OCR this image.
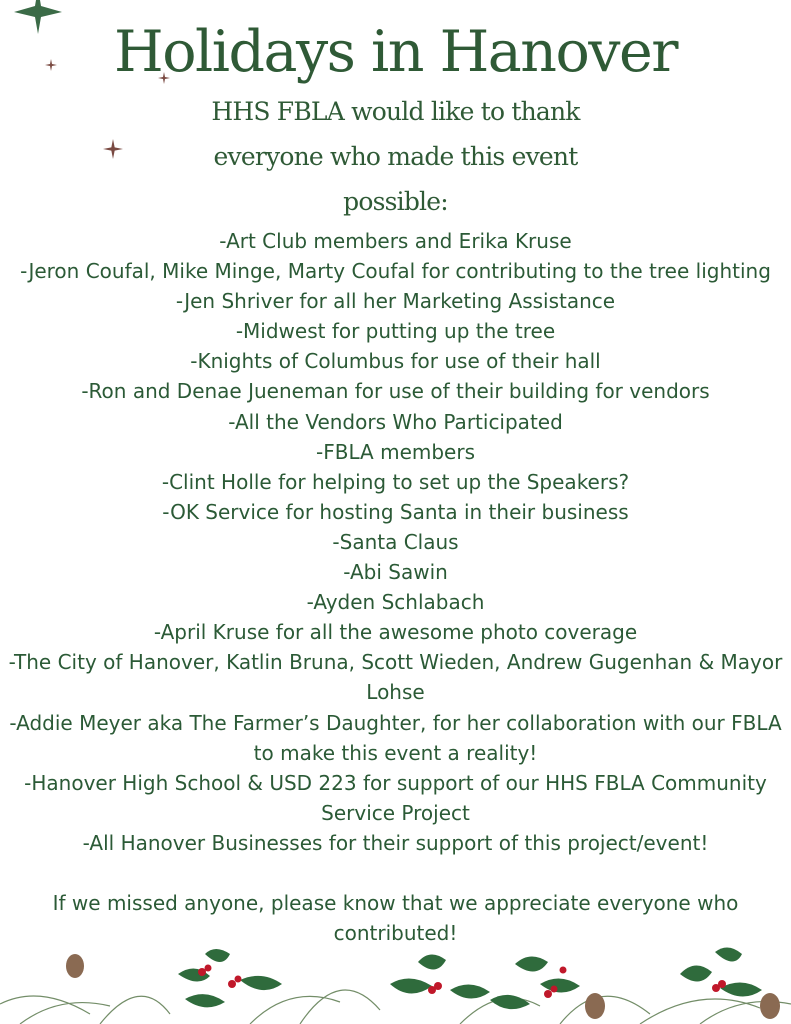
Holidays in Hanover
HHS FBLA would like to thank everyone who made this event possible:
-Art Club members and Erika Kruse
-Jeron Coufal, Mike Minge, Marty Coufal for contributing to the tree lighting
-Jen Shriver for all her Marketing Assistance
-Midwest for putting up the tree
-Knights of Columbus for use of their hall
-Ron and Denae Jueneman for use of their building for vendors
-All the Vendors Who Participated
-FBLA members
-Clint Holle for helping to set up the Speakers?
-OK Service for hosting Santa in their business
-Santa Claus
-Abi Sawin
-Ayden Schlabach
-April Kruse for all the awesome photo coverage
-The City of Hanover, Katlin Bruna, Scott Wieden, Andrew Gugenhan & Mayor Lohse
-Addie Meyer aka The Farmer’s Daughter, for her collaboration with our FBLA to make this event a reality!
-Hanover High School & USD 223 for support of our HHS FBLA Community Service Project
-All Hanover Businesses for their support of this project/event!

If we missed anyone, please know that we appreciate everyone who contributed!
